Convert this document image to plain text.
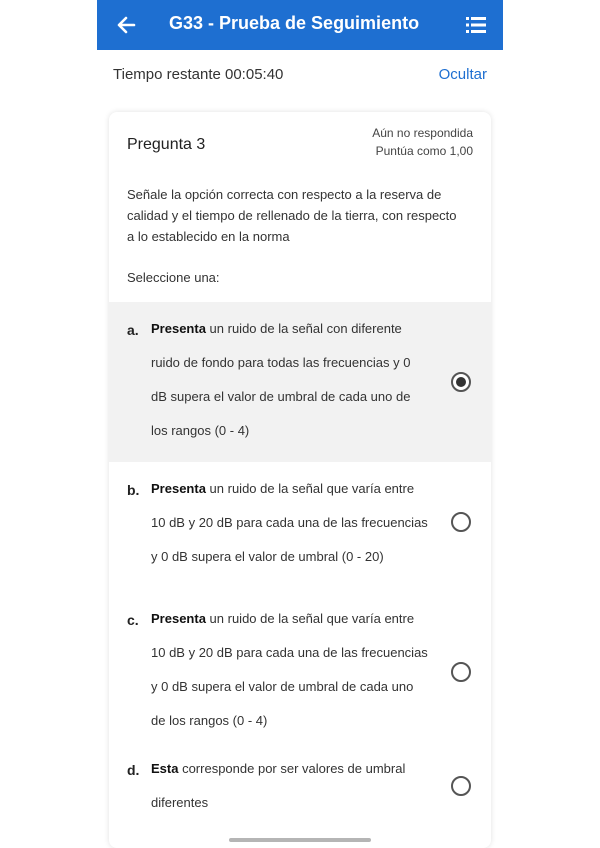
G33 - Prueba de Seguimiento
Tiempo restante 00:05:40	Ocultar
Pregunta 3
Aún no respondida
Puntúa como 1,00
Señale la opción correcta con respecto a la reserva de calidad y el tiempo de rellenado de la tierra, con respecto a lo establecido en la norma
Seleccione una:
a. Presenta un ruido de la señal con diferente ruido de fondo para todas las frecuencias y 0 dB supera el valor de umbral de cada uno de los rangos (0 - 4)
b. Presenta un ruido de la señal que varía entre 10 dB y 20 dB para cada una de las frecuencias y 0 dB supera el valor de umbral (0 - 20)
c. Presenta un ruido de la señal que varía entre 10 dB y 20 dB para cada una de las frecuencias y 0 dB supera el valor de umbral de cada uno de los rangos (0 - 4)
d. Esta corresponde por ser valores de umbral diferentes
